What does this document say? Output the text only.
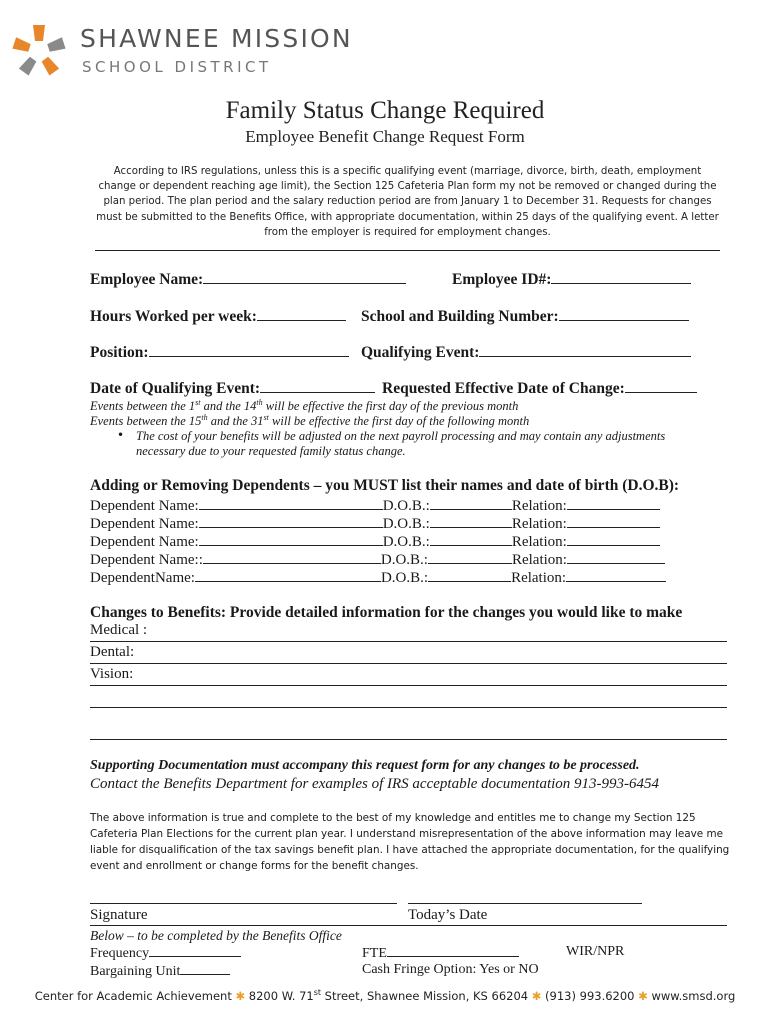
SHAWNEE MISSION
SCHOOL DISTRICT
Family Status Change Required
Employee Benefit Change Request Form
According to IRS regulations, unless this is a specific qualifying event (marriage, divorce, birth, death, employment change or dependent reaching age limit), the Section 125 Cafeteria Plan form my not be removed or changed during the plan period. The plan period and the salary reduction period are from January 1 to December 31. Requests for changes must be submitted to the Benefits Office, with appropriate documentation, within 25 days of the qualifying event. A letter from the employer is required for employment changes.
Employee Name:	Employee ID#:
Hours Worked per week:	School and Building Number:
Position:	Qualifying Event:
Date of Qualifying Event:	Requested Effective Date of Change:
Events between the 1st and the 14th will be effective the first day of the previous month
Events between the 15th and the 31st will be effective the first day of the following month
• The cost of your benefits will be adjusted on the next payroll processing and may contain any adjustments
necessary due to your requested family status change.
Adding or Removing Dependents – you MUST list their names and date of birth (D.O.B):
Dependent Name:	D.O.B.:	Relation:
Dependent Name:	D.O.B.:	Relation:
Dependent Name:	D.O.B.:	Relation:
Dependent Name::	D.O.B.:	Relation:
DependentName:	D.O.B.:	Relation:
Changes to Benefits: Provide detailed information for the changes you would like to make
Medical :
Dental:
Vision:
Supporting Documentation must accompany this request form for any changes to be processed.
Contact the Benefits Department for examples of IRS acceptable documentation 913-993-6454
The above information is true and complete to the best of my knowledge and entitles me to change my Section 125 Cafeteria Plan Elections for the current plan year. I understand misrepresentation of the above information may leave me liable for disqualification of the tax savings benefit plan. I have attached the appropriate documentation, for the qualifying event and enrollment or change forms for the benefit changes.
Signature	Today’s Date
Below – to be completed by the Benefits Office
Frequency	FTE	WIR/NPR
Bargaining Unit	Cash Fringe Option: Yes or NO
Center for Academic Achievement ✱ 8200 W. 71st Street, Shawnee Mission, KS 66204 ✱ (913) 993.6200 ✱ www.smsd.org
